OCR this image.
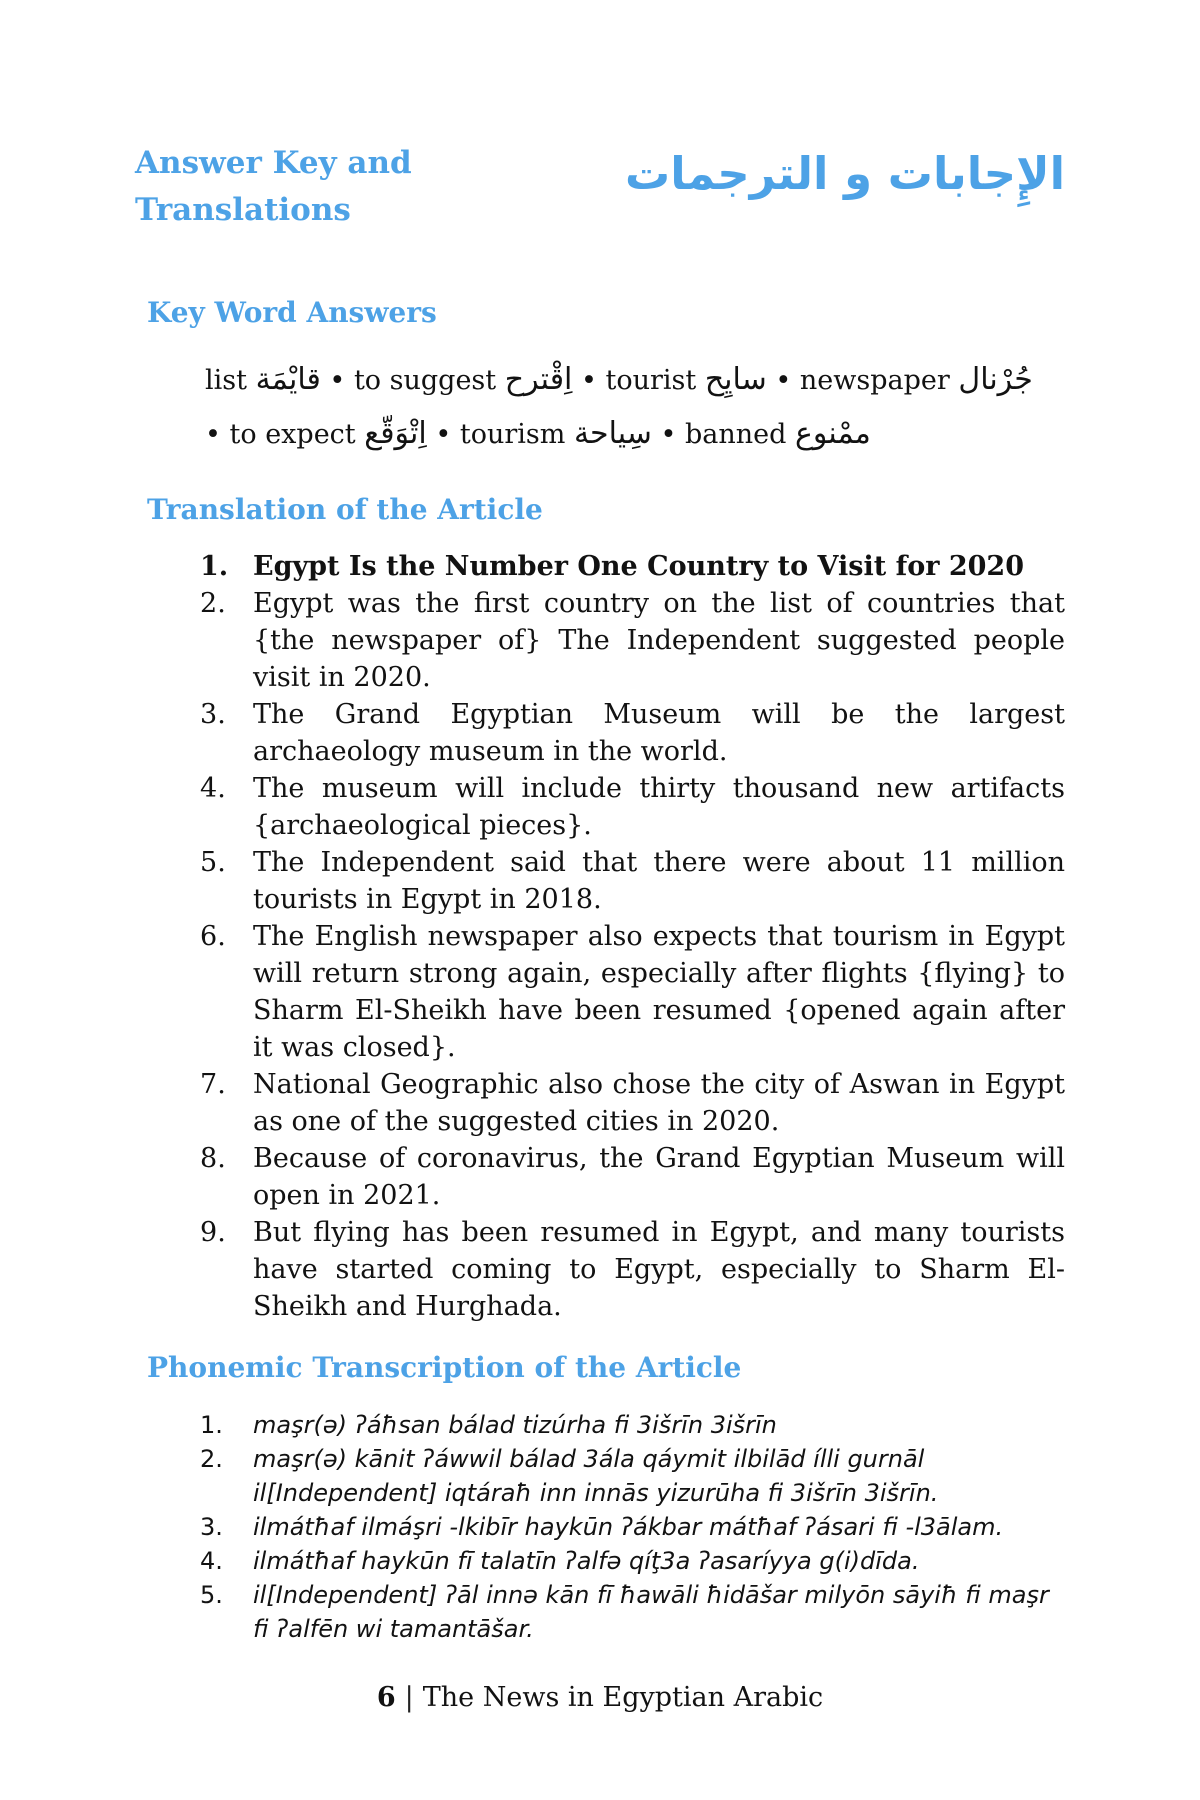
Answer Key and Translations
الإِجابات و الترجمات
Key Word Answers

list قايْمَة • to suggest اِقْترح • tourist سايِح • newspaper جُرْنال • to expect اِتْوَقّع • tourism سِياحة • banned ممْنوع

Translation of the Article
Egypt Is the Number One Country to Visit for 2020
Egypt was the first country on the list of countries that {the newspaper of} The Independent suggested people visit in 2020.
The Grand Egyptian Museum will be the largest archaeology museum in the world.
The museum will include thirty thousand new artifacts {archaeological pieces}.
The Independent said that there were about 11 million tourists in Egypt in 2018.
The English newspaper also expects that tourism in Egypt will return strong again, especially after flights {flying} to Sharm El-Sheikh have been resumed {opened again after it was closed}.
National Geographic also chose the city of Aswan in Egypt as one of the suggested cities in 2020.
Because of coronavirus, the Grand Egyptian Museum will open in 2021.
But flying has been resumed in Egypt, and many tourists have started coming to Egypt, especially to Sharm El-Sheikh and Hurghada.
Phonemic Transcription of the Article
maşr(ə) ʔáħsan bálad tizúrha fi 3išrīn 3išrīn
maşr(ə) kānit ʔáwwil bálad 3ála qáymit ilbilād ílli gurnāl il[Independent] iqtáraħ inn innās yizurūha fi 3išrīn 3išrīn.
ilmátħaf ilmáşri -lkibīr haykūn ʔákbar mátħaf ʔásari fi -l3ālam.
ilmátħaf haykūn fī talatīn ʔalfə qíţ3a ʔasaríyya g(i)dīda.
il[Independent] ʔāl innə kān fī ħawāli ħidāšar milyōn sāyiħ fi maşr fi ʔalfēn wi tamantāšar.
6 | The News in Egyptian Arabic
